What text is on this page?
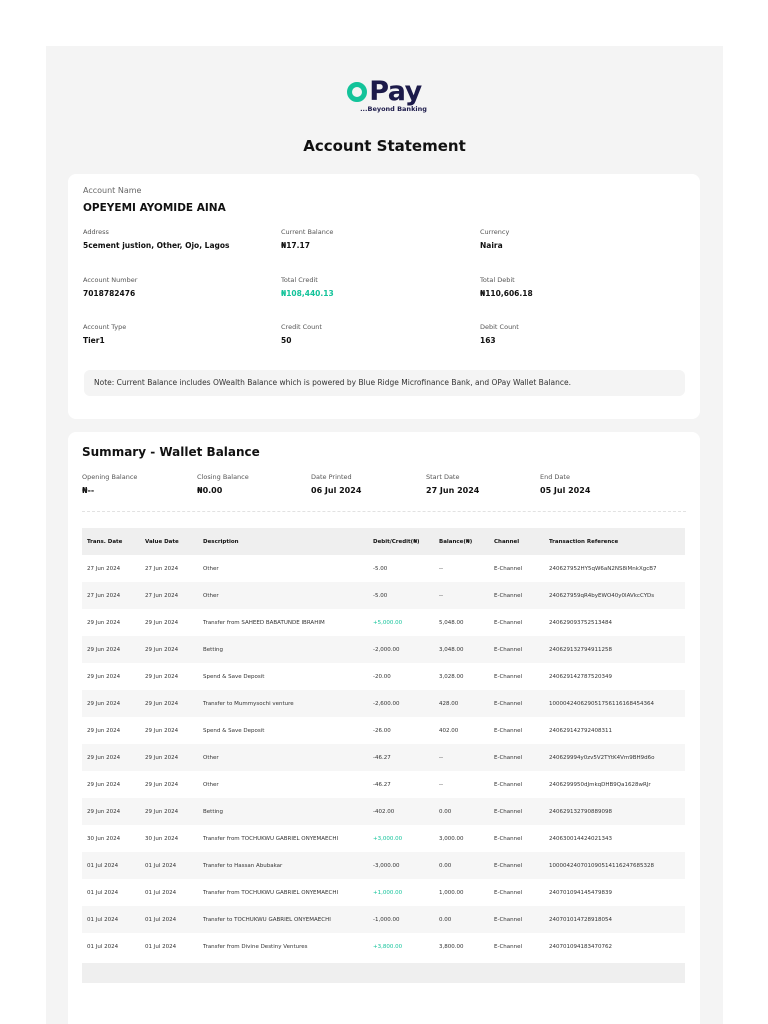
Pay
...Beyond Banking
Account Statement
Account Name
OPEYEMI AYOMIDE AINA
Address
5cement justion, Other, Ojo, Lagos
Current Balance
₦17.17
Currency
Naira
Account Number
7018782476
Total Credit
₦108,440.13
Total Debit
₦110,606.18
Account Type
Tier1
Credit Count
50
Debit Count
163
Note: Current Balance includes OWealth Balance which is powered by Blue Ridge Microfinance Bank, and OPay Wallet Balance.
Summary - Wallet Balance
Opening Balance
₦--
Closing Balance
₦0.00
Date Printed
06 Jul 2024
Start Date
27 Jun 2024
End Date
05 Jul 2024
Trans. Date	Value Date	Description	Debit/Credit(₦)	Balance(₦)	Channel	Transaction Reference
27 Jun 2024	27 Jun 2024	Other	-5.00	--	E-Channel	240627952HY5qW6aN2NS8iMnkXgcB7
27 Jun 2024	27 Jun 2024	Other	-5.00	--	E-Channel	240627959qR4byEWO40y0lAVkcCYDs
29 Jun 2024	29 Jun 2024	Transfer from SAHEED BABATUNDE IBRAHIM	+5,000.00	5,048.00	E-Channel	240629093752513484
29 Jun 2024	29 Jun 2024	Betting	-2,000.00	3,048.00	E-Channel	240629132794911258
29 Jun 2024	29 Jun 2024	Spend & Save Deposit	-20.00	3,028.00	E-Channel	240629142787520349
29 Jun 2024	29 Jun 2024	Transfer to Mummysochi venture	-2,600.00	428.00	E-Channel	100004240629051756116168454364
29 Jun 2024	29 Jun 2024	Spend & Save Deposit	-26.00	402.00	E-Channel	240629142792408311
29 Jun 2024	29 Jun 2024	Other	-46.27	--	E-Channel	240629994y0zv5V2TYtK4Vm9BH9d6o
29 Jun 2024	29 Jun 2024	Other	-46.27	--	E-Channel	2406299950dJmkqDHB9Qa1628wRJr
29 Jun 2024	29 Jun 2024	Betting	-402.00	0.00	E-Channel	240629132790889098
30 Jun 2024	30 Jun 2024	Transfer from TOCHUKWU GABRIEL ONYEMAECHI	+3,000.00	3,000.00	E-Channel	240630014424021343
01 Jul 2024	01 Jul 2024	Transfer to Hassan Abubakar	-3,000.00	0.00	E-Channel	100004240701090514116247685328
01 Jul 2024	01 Jul 2024	Transfer from TOCHUKWU GABRIEL ONYEMAECHI	+1,000.00	1,000.00	E-Channel	240701094145479839
01 Jul 2024	01 Jul 2024	Transfer to TOCHUKWU GABRIEL ONYEMAECHI	-1,000.00	0.00	E-Channel	240701014728918054
01 Jul 2024	01 Jul 2024	Transfer from Divine Destiny Ventures	+3,800.00	3,800.00	E-Channel	240701094183470762
